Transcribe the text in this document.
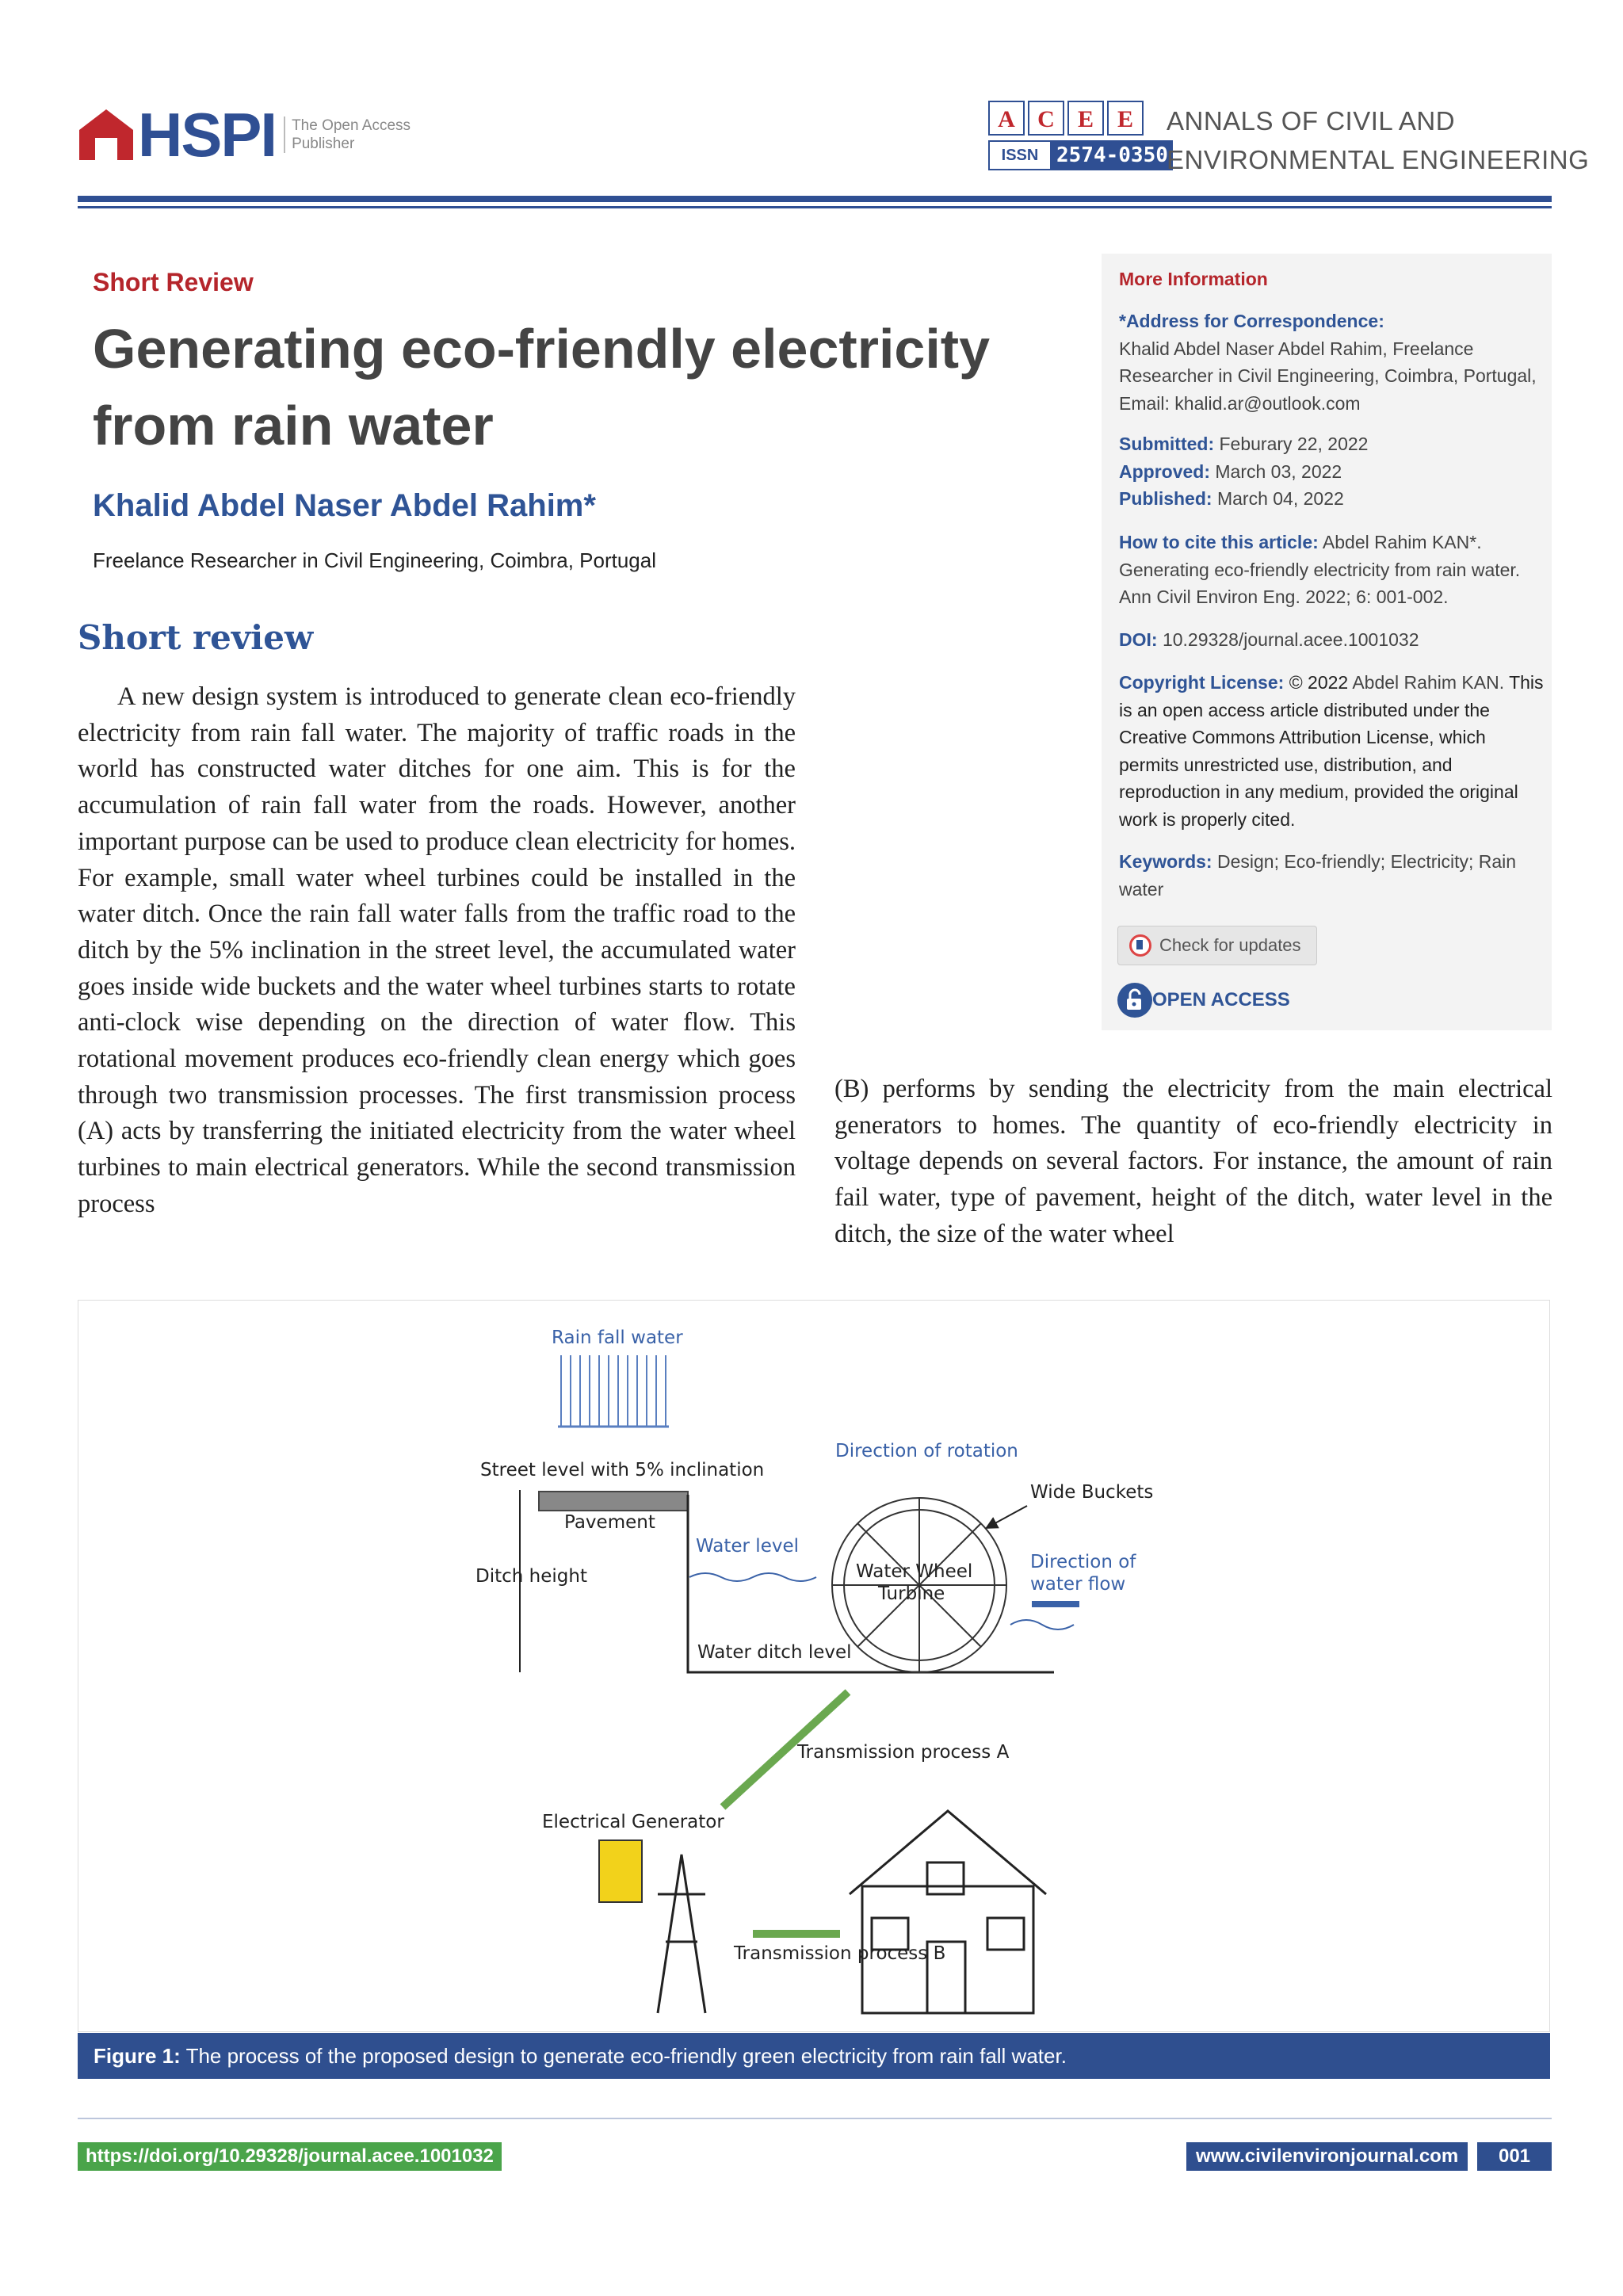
HSPI	The Open Access
Publisher
A C E E
ISSN 2574-0350
ANNALS OF CIVIL AND
ENVIRONMENTAL ENGINEERING
Short Review
Generating eco-friendly electricity
from rain water
Khalid Abdel Naser Abdel Rahim*
Freelance Researcher in Civil Engineering, Coimbra, Portugal
Short review
A new design system is introduced to generate clean eco-friendly electricity from rain fall water. The majority of traffic roads in the world has constructed water ditches for one aim. This is for the accumulation of rain fall water from the roads. However, another important purpose can be used to produce clean electricity for homes. For example, small water wheel turbines could be installed in the water ditch. Once the rain fall water falls from the traffic road to the ditch by the 5% inclination in the street level, the accumulated water goes inside wide buckets and the water wheel turbines starts to rotate anti-clock wise depending on the direction of water flow. This rotational movement produces eco-friendly clean energy which goes through two transmission processes. The first transmission process (A) acts by transferring the initiated electricity from the water wheel turbines to main electrical generators. While the second transmission process
(B) performs by sending the electricity from the main electrical generators to homes. The quantity of eco-friendly electricity in voltage depends on several factors. For instance, the amount of rain fail water, type of pavement, height of the ditch, water level in the ditch, the size of the water wheel
More Information
*Address for Correspondence:
Khalid Abdel Naser Abdel Rahim, Freelance Researcher in Civil Engineering, Coimbra, Portugal, Email: khalid.ar@outlook.com
Submitted: Feburary 22, 2022
Approved: March 03, 2022
Published: March 04, 2022
How to cite this article: Abdel Rahim KAN*. Generating eco-friendly electricity from rain water. Ann Civil Environ Eng. 2022; 6: 001-002.
DOI: 10.29328/journal.acee.1001032
Copyright License: © 2022 Abdel Rahim KAN. This is an open access article distributed under the Creative Commons Attribution License, which permits unrestricted use, distribution, and reproduction in any medium, provided the original work is properly cited.
Keywords: Design; Eco-friendly; Electricity; Rain water
Check for updates
OPEN ACCESS
Rain fall water
Street level with 5% inclination
Pavement
Ditch height
Water level
Water ditch level
Water Wheel
Turbine
Direction of rotation
Wide Buckets
Direction of
water flow
Transmission process A
Electrical Generator
Transmission process B
Figure 1: The process of the proposed design to generate eco-friendly green electricity from rain fall water.
https://doi.org/10.29328/journal.acee.1001032	www.civilenvironjournal.com	001
